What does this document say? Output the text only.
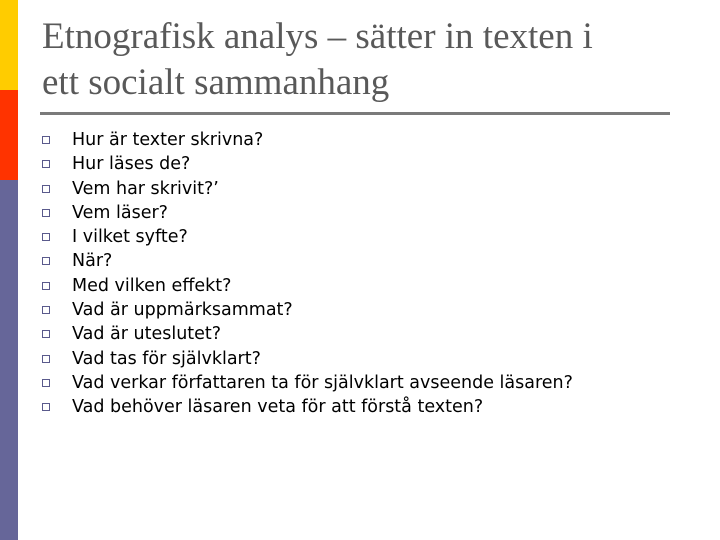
Etnografisk analys – sätter in texten i
ett socialt sammanhang
Hur är texter skrivna?
Hur läses de?
Vem har skrivit?’
Vem läser?
I vilket syfte?
När?
Med vilken effekt?
Vad är uppmärksammat?
Vad är uteslutet?
Vad tas för självklart?
Vad verkar författaren ta för självklart avseende läsaren?
Vad behöver läsaren veta för att förstå texten?
